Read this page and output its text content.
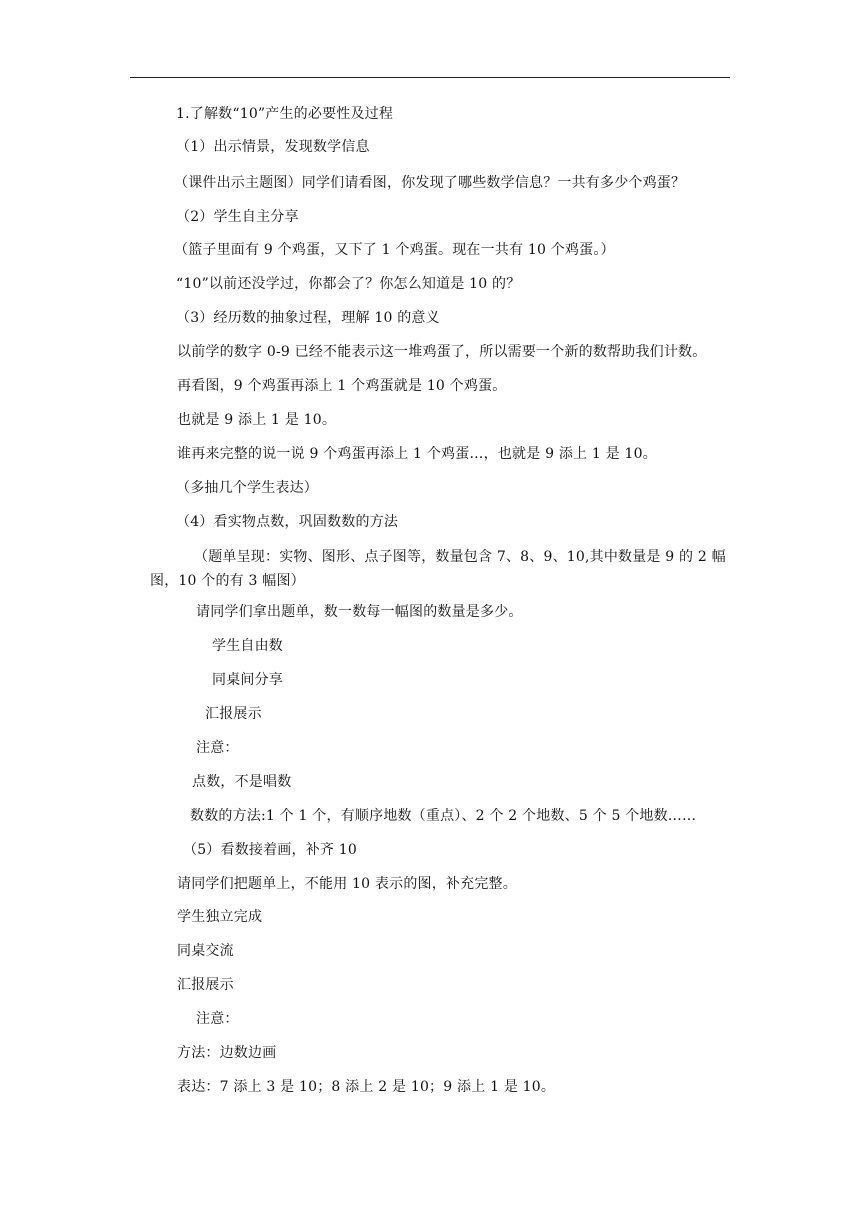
1.了解数“10”产生的必要性及过程
（1）出示情景，发现数学信息
（课件出示主题图）同学们请看图，你发现了哪些数学信息？一共有多少个鸡蛋？
（2）学生自主分享
（篮子里面有 9 个鸡蛋，又下了 1 个鸡蛋。现在一共有 10 个鸡蛋。）
“10”以前还没学过，你都会了？你怎么知道是 10 的？
（3）经历数的抽象过程，理解 10 的意义
以前学的数字 0-9 已经不能表示这一堆鸡蛋了，所以需要一个新的数帮助我们计数。
再看图，9 个鸡蛋再添上 1 个鸡蛋就是 10 个鸡蛋。
也就是 9 添上 1 是 10。
谁再来完整的说一说 9 个鸡蛋再添上 1 个鸡蛋…，也就是 9 添上 1 是 10。
（多抽几个学生表达）
（4）看实物点数，巩固数数的方法
（题单呈现：实物、图形、点子图等，数量包含 7、8、9、10,其中数量是 9 的 2 幅图，10 个的有 3 幅图）
请同学们拿出题单，数一数每一幅图的数量是多少。
学生自由数
同桌间分享
汇报展示
注意：
点数，不是唱数
数数的方法:1 个 1 个，有顺序地数（重点）、2 个 2 个地数、5 个 5 个地数……
（5）看数接着画，补齐 10
请同学们把题单上，不能用 10 表示的图，补充完整。
学生独立完成
同桌交流
汇报展示
注意：
方法：边数边画
表达：7 添上 3 是 10；8 添上 2 是 10；9 添上 1 是 10。
